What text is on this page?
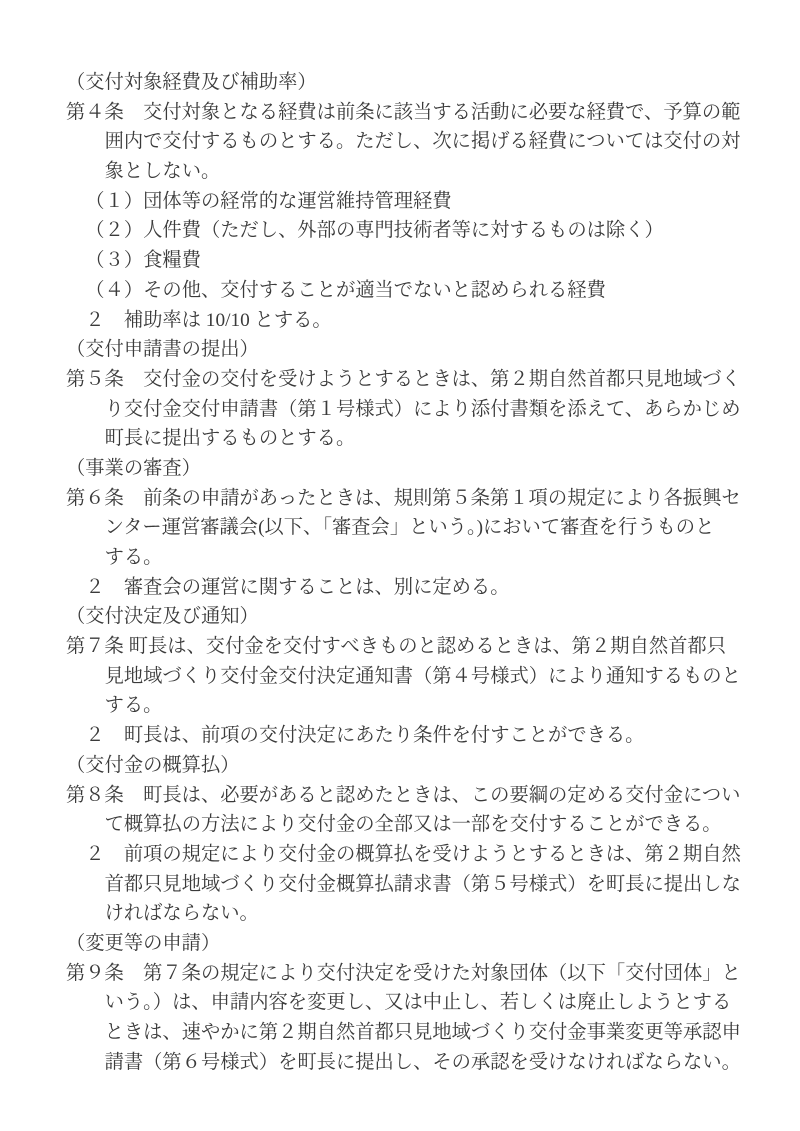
（交付対象経費及び補助率）
第４条　交付対象となる経費は前条に該当する活動に必要な経費で、予算の範
囲内で交付するものとする。ただし、次に掲げる経費については交付の対
象としない。
（１）団体等の経常的な運営維持管理経費
（２）人件費（ただし、外部の専門技術者等に対するものは除く）
（３）食糧費
（４）その他、交付することが適当でないと認められる経費
２　補助率は 10/10 とする。
（交付申請書の提出）
第５条　交付金の交付を受けようとするときは、第２期自然首都只見地域づく
り交付金交付申請書（第１号様式）により添付書類を添えて、あらかじめ
町長に提出するものとする。
（事業の審査）
第６条　前条の申請があったときは、規則第５条第１項の規定により各振興セ
ンター運営審議会(以下、「審査会」という。)において審査を行うものと
する。
２　審査会の運営に関することは、別に定める。
（交付決定及び通知）
第７条 町長は、交付金を交付すべきものと認めるときは、第２期自然首都只
見地域づくり交付金交付決定通知書（第４号様式）により通知するものと
する。
２　町長は、前項の交付決定にあたり条件を付すことができる。
（交付金の概算払）
第８条　町長は、必要があると認めたときは、この要綱の定める交付金につい
て概算払の方法により交付金の全部又は一部を交付することができる。
２　前項の規定により交付金の概算払を受けようとするときは、第２期自然
首都只見地域づくり交付金概算払請求書（第５号様式）を町長に提出しな
ければならない。
（変更等の申請）
第９条　第７条の規定により交付決定を受けた対象団体（以下「交付団体」と
いう。）は、申請内容を変更し、又は中止し、若しくは廃止しようとする
ときは、速やかに第２期自然首都只見地域づくり交付金事業変更等承認申
請書（第６号様式）を町長に提出し、その承認を受けなければならない。
